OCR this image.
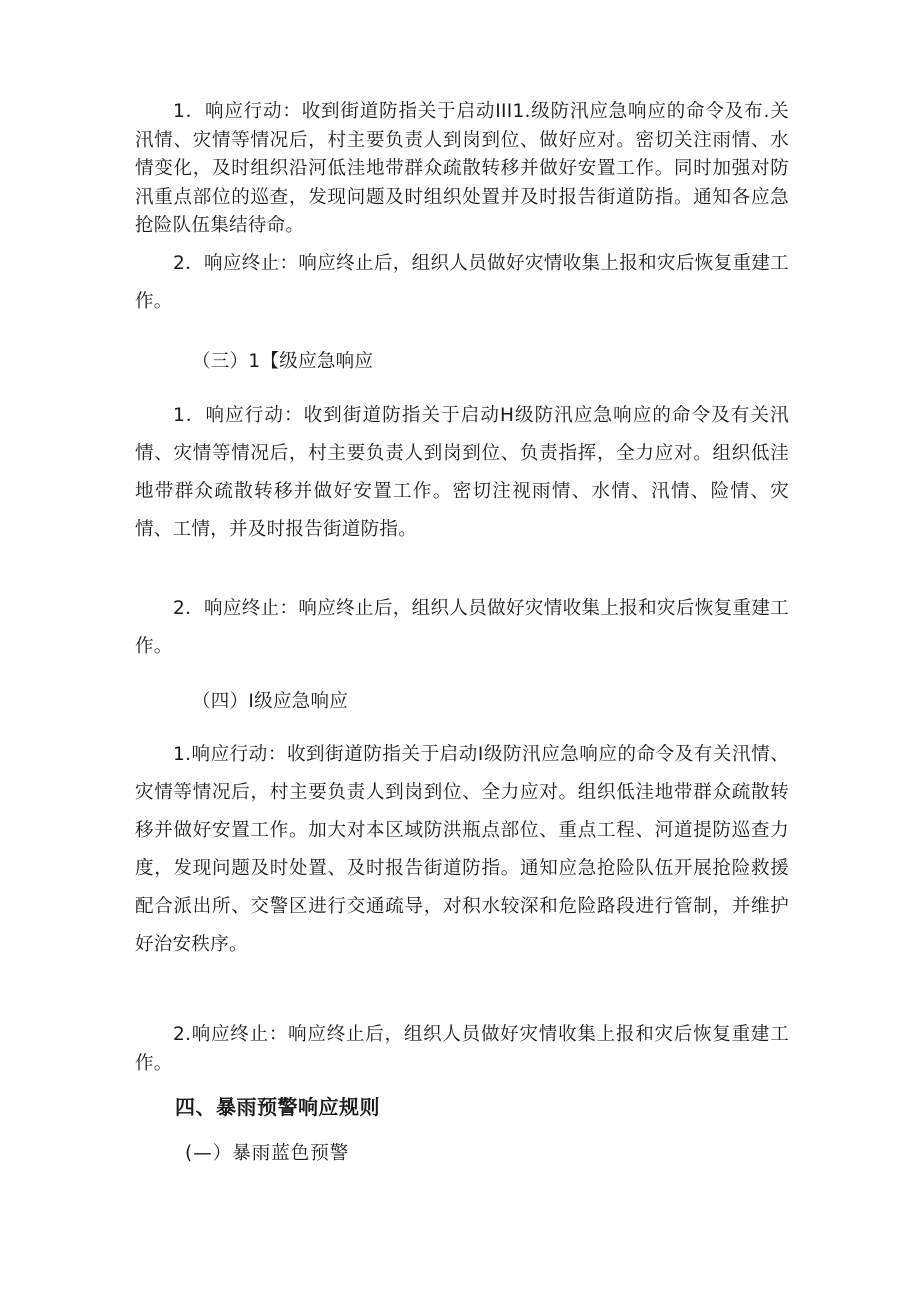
1．响应行动：收到街道防指关于启动III1.级防汛应急响应的命令及布.关汛情、灾情等情况后，村主要负责人到岗到位、做好应对。密切关注雨情、水情变化，及时组织沿河低洼地带群众疏散转移并做好安置工作。同时加强对防汛重点部位的巡查，发现问题及时组织处置并及时报告街道防指。通知各应急抢险队伍集结待命。

2．响应终止：响应终止后，组织人员做好灾情收集上报和灾后恢复重建工作。

（三）1【级应急响应

1．响应行动：收到街道防指关于启动H级防汛应急响应的命令及有关汛情、灾情等情况后，村主要负责人到岗到位、负责指挥，全力应对。组织低洼地带群众疏散转移并做好安置工作。密切注视雨情、水情、汛情、险情、灾情、工情，并及时报告街道防指。

2．响应终止：响应终止后，组织人员做好灾情收集上报和灾后恢复重建工作。

（四）I级应急响应

1.响应行动：收到街道防指关于启动I级防汛应急响应的命令及有关汛情、灾情等情况后，村主要负责人到岗到位、全力应对。组织低洼地带群众疏散转移并做好安置工作。加大对本区域防洪瓶点部位、重点工程、河道提防巡查力度，发现问题及时处置、及时报告街道防指。通知应急抢险队伍开展抢险救援 配合派出所、交警区进行交通疏导，对积水较深和危险路段进行管制，并维护好治安秩序。

2.响应终止：响应终止后，组织人员做好灾情收集上报和灾后恢复重建工作。

四、暴雨预警响应规则

(—）暴雨蓝色预警
